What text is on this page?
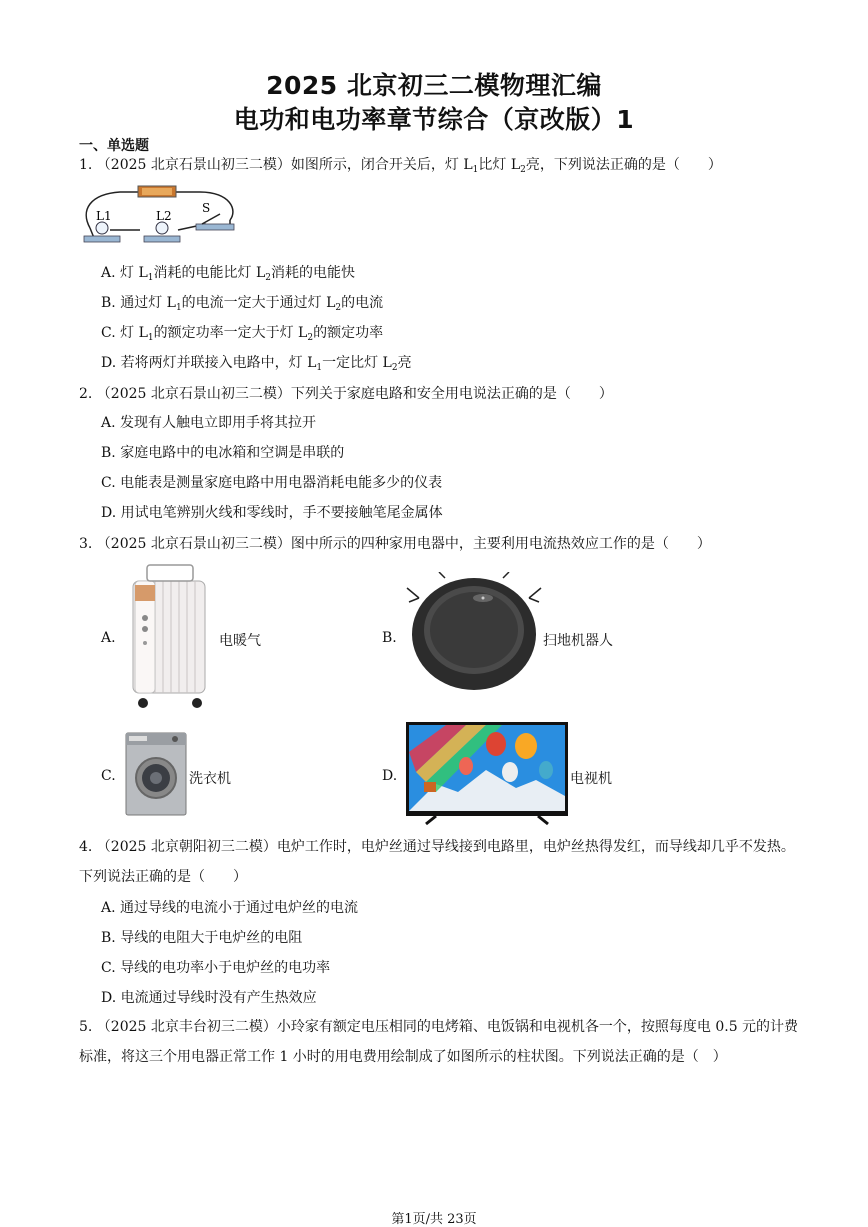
2025 北京初三二模物理汇编
电功和电功率章节综合（京改版）1
一、单选题
1. （2025 北京石景山初三二模）如图所示，闭合开关后，灯 $L_1$比灯 $L_2$亮，下列说法正确的是（　　）
L1	L2
S
A. 灯 $L_1$消耗的电能比灯 $L_2$消耗的电能快
B. 通过灯 $L_1$的电流一定大于通过灯 $L_2$的电流
C. 灯 $L_1$的额定功率一定大于灯 $L_2$的额定功率
D. 若将两灯并联接入电路中，灯 $L_1$一定比灯 $L_2$亮
2. （2025 北京石景山初三二模）下列关于家庭电路和安全用电说法正确的是（　　）
A. 发现有人触电立即用手将其拉开
B. 家庭电路中的电冰箱和空调是串联的
C. 电能表是测量家庭电路中用电器消耗电能多少的仪表
D. 用试电笔辨别火线和零线时，手不要接触笔尾金属体
3. （2025 北京石景山初三二模）图中所示的四种家用电器中，主要利用电流热效应工作的是（　　）
A.	电暖气	B.	扫地机器人
C.	洗衣机	D.	电视机
4. （2025 北京朝阳初三二模）电炉工作时，电炉丝通过导线接到电路里，电炉丝热得发红，而导线却几乎不发热。下列说法正确的是（　　）
A. 通过导线的电流小于通过电炉丝的电流
B. 导线的电阻大于电炉丝的电阻
C. 导线的电功率小于电炉丝的电功率
D. 电流通过导线时没有产生热效应
5. （2025 北京丰台初三二模）小玲家有额定电压相同的电烤箱、电饭锅和电视机各一个，按照每度电 0.5 元的计费标准，将这三个用电器正常工作 1 小时的用电费用绘制成了如图所示的柱状图。下列说法正确的是（　）
第1页/共 23页
